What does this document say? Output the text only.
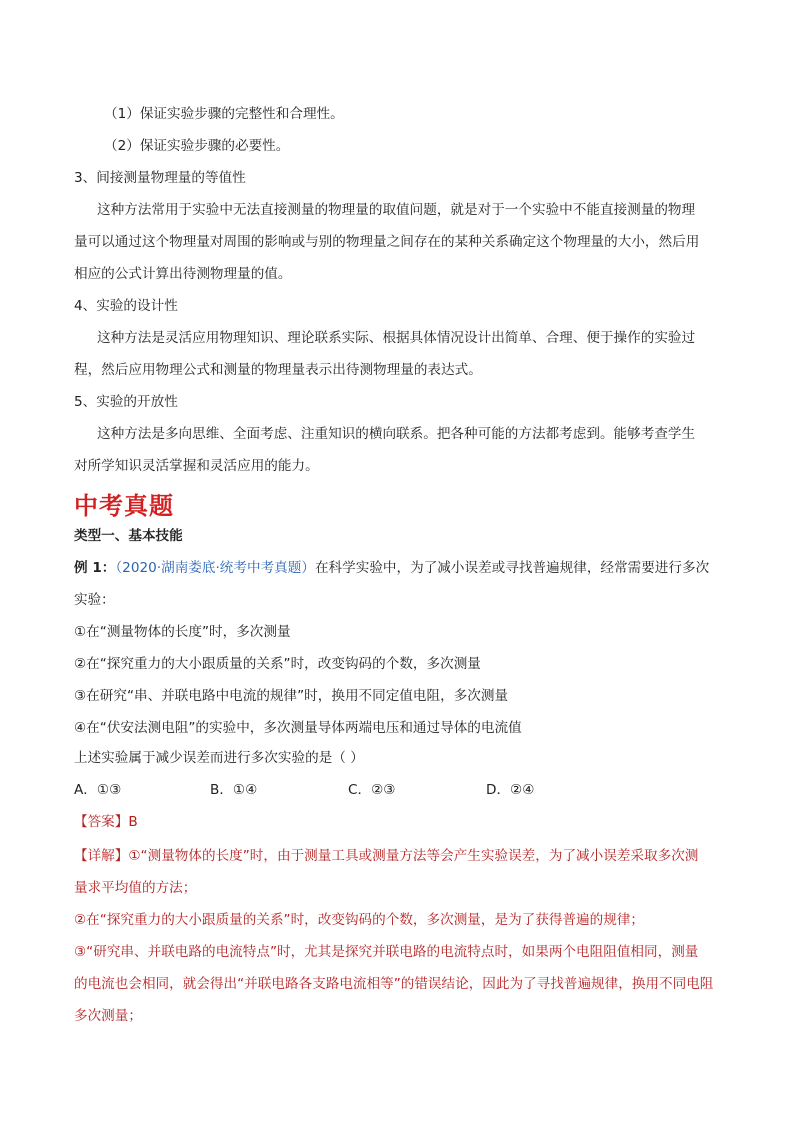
（1）保证实验步骤的完整性和合理性。
（2）保证实验步骤的必要性。
3、间接测量物理量的等值性
这种方法常用于实验中无法直接测量的物理量的取值问题，就是对于一个实验中不能直接测量的物理
量可以通过这个物理量对周围的影响或与别的物理量之间存在的某种关系确定这个物理量的大小，然后用
相应的公式计算出待测物理量的值。
4、实验的设计性
这种方法是灵活应用物理知识、理论联系实际、根据具体情况设计出简单、合理、便于操作的实验过
程，然后应用物理公式和测量的物理量表示出待测物理量的表达式。
5、实验的开放性
这种方法是多向思维、全面考虑、注重知识的横向联系。把各种可能的方法都考虑到。能够考查学生
对所学知识灵活掌握和灵活应用的能力。
中考真题
类型一、基本技能
例 1：（2020·湖南娄底·统考中考真题）在科学实验中，为了减小误差或寻找普遍规律，经常需要进行多次
实验：
①在“测量物体的长度”时，多次测量
②在“探究重力的大小跟质量的关系”时，改变钩码的个数，多次测量
③在研究“串、并联电路中电流的规律”时，换用不同定值电阻，多次测量
④在“伏安法测电阻”的实验中，多次测量导体两端电压和通过导体的电流值
上述实验属于减少误差而进行多次实验的是（ ）
A．①③	B．①④	C．②③	D．②④
【答案】B
【详解】①“测量物体的长度”时，由于测量工具或测量方法等会产生实验误差，为了减小误差采取多次测
量求平均值的方法；
②在“探究重力的大小跟质量的关系”时，改变钩码的个数，多次测量，是为了获得普遍的规律；
③“研究串、并联电路的电流特点”时，尤其是探究并联电路的电流特点时，如果两个电阻阻值相同，测量
的电流也会相同，就会得出“并联电路各支路电流相等”的错误结论，因此为了寻找普遍规律，换用不同电阻
多次测量；
